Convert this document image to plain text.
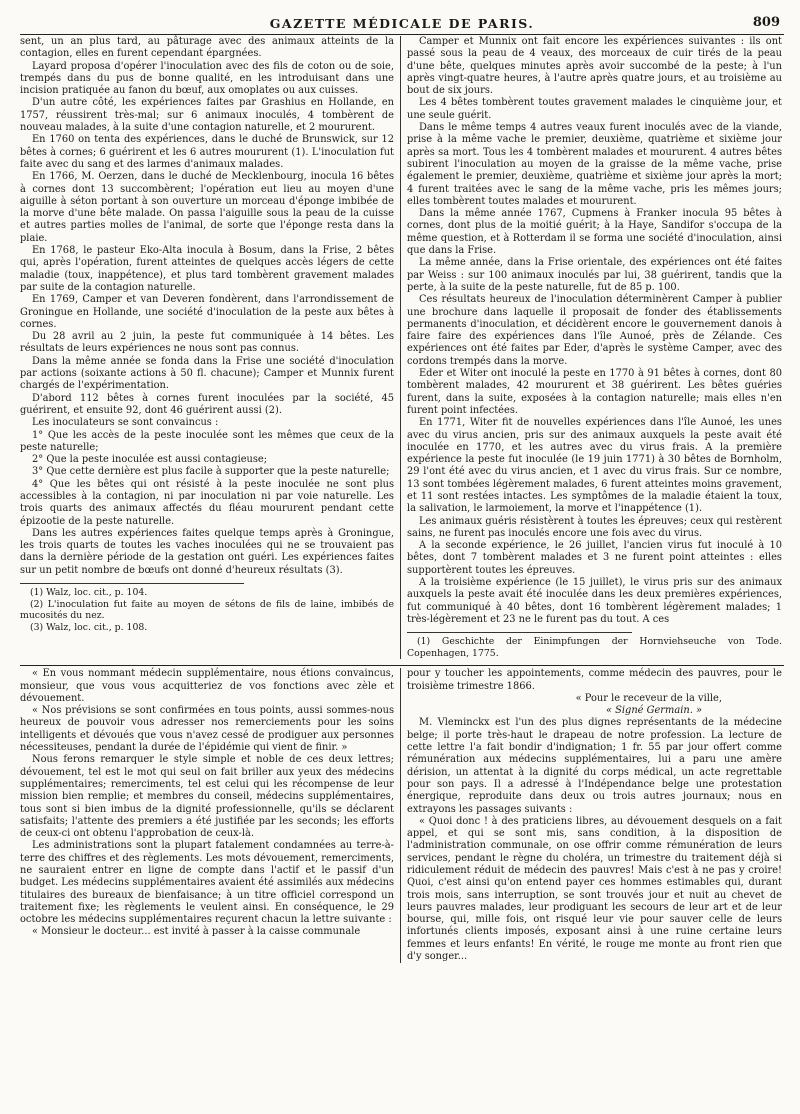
GAZETTE MÉDICALE DE PARIS.	809

sent, un an plus tard, au pâturage avec des animaux atteints de la contagion, elles en furent cependant épargnées.

Layard proposa d'opérer l'inoculation avec des fils de coton ou de soie, trempés dans du pus de bonne qualité, en les introduisant dans une incision pratiquée au fanon du bœuf, aux omoplates ou aux cuisses.

D'un autre côté, les expériences faites par Grashius en Hollande, en 1757, réussirent très-mal; sur 6 animaux inoculés, 4 tombèrent de nouveau malades, à la suite d'une contagion naturelle, et 2 moururent.

En 1760 on tenta des expériences, dans le duché de Brunswick, sur 12 bêtes à cornes; 6 guérirent et les 6 autres moururent (1). L'inoculation fut faite avec du sang et des larmes d'animaux malades.

En 1766, M. Oerzen, dans le duché de Mecklenbourg, inocula 16 bêtes à cornes dont 13 succombèrent; l'opération eut lieu au moyen d'une aiguille à séton portant à son ouverture un morceau d'éponge imbibée de la morve d'une bête malade. On passa l'aiguille sous la peau de la cuisse et autres parties molles de l'animal, de sorte que l'éponge resta dans la plaie.

En 1768, le pasteur Eko-Alta inocula à Bosum, dans la Frise, 2 bêtes qui, après l'opération, furent atteintes de quelques accès légers de cette maladie (toux, inappétence), et plus tard tombèrent gravement malades par suite de la contagion naturelle.

En 1769, Camper et van Deveren fondèrent, dans l'arrondissement de Groningue en Hollande, une société d'inoculation de la peste aux bêtes à cornes.

Du 28 avril au 2 juin, la peste fut communiquée à 14 bêtes. Les résultats de leurs expériences ne nous sont pas connus.

Dans la même année se fonda dans la Frise une société d'inoculation par actions (soixante actions à 50 fl. chacune); Camper et Munnix furent chargés de l'expérimentation.

D'abord 112 bêtes à cornes furent inoculées par la société, 45 guérirent, et ensuite 92, dont 46 guérirent aussi (2).

Les inoculateurs se sont convaincus :

1° Que les accès de la peste inoculée sont les mêmes que ceux de la peste naturelle;

2° Que la peste inoculée est aussi contagieuse;

3° Que cette dernière est plus facile à supporter que la peste naturelle;

4° Que les bêtes qui ont résisté à la peste inoculée ne sont plus accessibles à la contagion, ni par inoculation ni par voie naturelle. Les trois quarts des animaux affectés du fléau moururent pendant cette épizootie de la peste naturelle.

Dans les autres expériences faites quelque temps après à Groningue, les trois quarts de toutes les vaches inoculées qui ne se trouvaient pas dans la dernière période de la gestation ont guéri. Les expériences faites sur un petit nombre de bœufs ont donné d'heureux résultats (3).

(1) Walz, loc. cit., p. 104.

(2) L'inoculation fut faite au moyen de sétons de fils de laine, imbibés de mucosités du nez.

(3) Walz, loc. cit., p. 108.

Camper et Munnix ont fait encore les expériences suivantes : ils ont passé sous la peau de 4 veaux, des morceaux de cuir tirés de la peau d'une bête, quelques minutes après avoir succombé de la peste; à l'un après vingt-quatre heures, à l'autre après quatre jours, et au troisième au bout de six jours.

Les 4 bêtes tombèrent toutes gravement malades le cinquième jour, et une seule guérit.

Dans le même temps 4 autres veaux furent inoculés avec de la viande, prise à la même vache le premier, deuxième, quatrième et sixième jour après sa mort. Tous les 4 tombèrent malades et moururent. 4 autres bêtes subirent l'inoculation au moyen de la graisse de la même vache, prise également le premier, deuxième, quatrième et sixième jour après la mort; 4 furent traitées avec le sang de la même vache, pris les mêmes jours; elles tombèrent toutes malades et moururent.

Dans la même année 1767, Cupmens à Franker inocula 95 bêtes à cornes, dont plus de la moitié guérit; à la Haye, Sandifor s'occupa de la même question, et à Rotterdam il se forma une société d'inoculation, ainsi que dans la Frise.

La même année, dans la Frise orientale, des expériences ont été faites par Weiss : sur 100 animaux inoculés par lui, 38 guérirent, tandis que la perte, à la suite de la peste naturelle, fut de 85 p. 100.

Ces résultats heureux de l'inoculation déterminèrent Camper à publier une brochure dans laquelle il proposait de fonder des établissements permanents d'inoculation, et décidèrent encore le gouvernement danois à faire faire des expériences dans l'île Aunoé, près de Zélande. Ces expériences ont été faites par Eder, d'après le système Camper, avec des cordons trempés dans la morve.

Eder et Witer ont inoculé la peste en 1770 à 91 bêtes à cornes, dont 80 tombèrent malades, 42 moururent et 38 guérirent. Les bêtes guéries furent, dans la suite, exposées à la contagion naturelle; mais elles n'en furent point infectées.

En 1771, Witer fit de nouvelles expériences dans l'île Aunoé, les unes avec du virus ancien, pris sur des animaux auxquels la peste avait été inoculée en 1770, et les autres avec du virus frais. A la première expérience la peste fut inoculée (le 19 juin 1771) à 30 bêtes de Bornholm, 29 l'ont été avec du virus ancien, et 1 avec du virus frais. Sur ce nombre, 13 sont tombées légèrement malades, 6 furent atteintes moins gravement, et 11 sont restées intactes. Les symptômes de la maladie étaient la toux, la salivation, le larmoiement, la morve et l'inappétence (1).

Les animaux guéris résistèrent à toutes les épreuves; ceux qui restèrent sains, ne furent pas inoculés encore une fois avec du virus.

A la seconde expérience, le 26 juillet, l'ancien virus fut inoculé à 10 bêtes, dont 7 tombèrent malades et 3 ne furent point atteintes : elles supportèrent toutes les épreuves.

A la troisième expérience (le 15 juillet), le virus pris sur des animaux auxquels la peste avait été inoculée dans les deux premières expériences, fut communiqué à 40 bêtes, dont 16 tombèrent légèrement malades; 1 très-légèrement et 23 ne le furent pas du tout. A ces

(1) Geschichte der Einimpfungen der Hornviehseuche von Tode. Copenhagen, 1775.

« En vous nommant médecin supplémentaire, nous étions convaincus, monsieur, que vous vous acquitteriez de vos fonctions avec zèle et dévouement.

« Nos prévisions se sont confirmées en tous points, aussi sommes-nous heureux de pouvoir vous adresser nos remerciements pour les soins intelligents et dévoués que vous n'avez cessé de prodiguer aux personnes nécessiteuses, pendant la durée de l'épidémie qui vient de finir. »

Nous ferons remarquer le style simple et noble de ces deux lettres; dévouement, tel est le mot qui seul on fait briller aux yeux des médecins supplémentaires; remerciments, tel est celui qui les récompense de leur mission bien remplie; et membres du conseil, médecins supplémentaires, tous sont si bien imbus de la dignité professionnelle, qu'ils se déclarent satisfaits; l'attente des premiers a été justifiée par les seconds; les efforts de ceux-ci ont obtenu l'approbation de ceux-là.

Les administrations sont la plupart fatalement condamnées au terre-à-terre des chiffres et des règlements. Les mots dévouement, remerciments, ne sauraient entrer en ligne de compte dans l'actif et le passif d'un budget. Les médecins supplémentaires avaient été assimilés aux médecins titulaires des bureaux de bienfaisance; à un titre officiel correspond un traitement fixe; les règlements le veulent ainsi. En conséquence, le 29 octobre les médecins supplémentaires reçurent chacun la lettre suivante :

« Monsieur le docteur... est invité à passer à la caisse communale

pour y toucher les appointements, comme médecin des pauvres, pour le troisième trimestre 1866.

« Pour le receveur de la ville,

« Signé Germain. »

M. Vleminckx est l'un des plus dignes représentants de la médecine belge; il porte très-haut le drapeau de notre profession. La lecture de cette lettre l'a fait bondir d'indignation; 1 fr. 55 par jour offert comme rémunération aux médecins supplémentaires, lui a paru une amère dérision, un attentat à la dignité du corps médical, un acte regrettable pour son pays. Il a adressé à l'Indépendance belge une protestation énergique, reproduite dans deux ou trois autres journaux; nous en extrayons les passages suivants :

« Quoi donc ! à des praticiens libres, au dévouement desquels on a fait appel, et qui se sont mis, sans condition, à la disposition de l'administration communale, on ose offrir comme rémunération de leurs services, pendant le règne du choléra, un trimestre du traitement déjà si ridiculement réduit de médecin des pauvres! Mais c'est à ne pas y croire! Quoi, c'est ainsi qu'on entend payer ces hommes estimables qui, durant trois mois, sans interruption, se sont trouvés jour et nuit au chevet de leurs pauvres malades, leur prodiguant les secours de leur art et de leur bourse, qui, mille fois, ont risqué leur vie pour sauver celle de leurs infortunés clients imposés, exposant ainsi à une ruine certaine leurs femmes et leurs enfants! En vérité, le rouge me monte au front rien que d'y songer...
